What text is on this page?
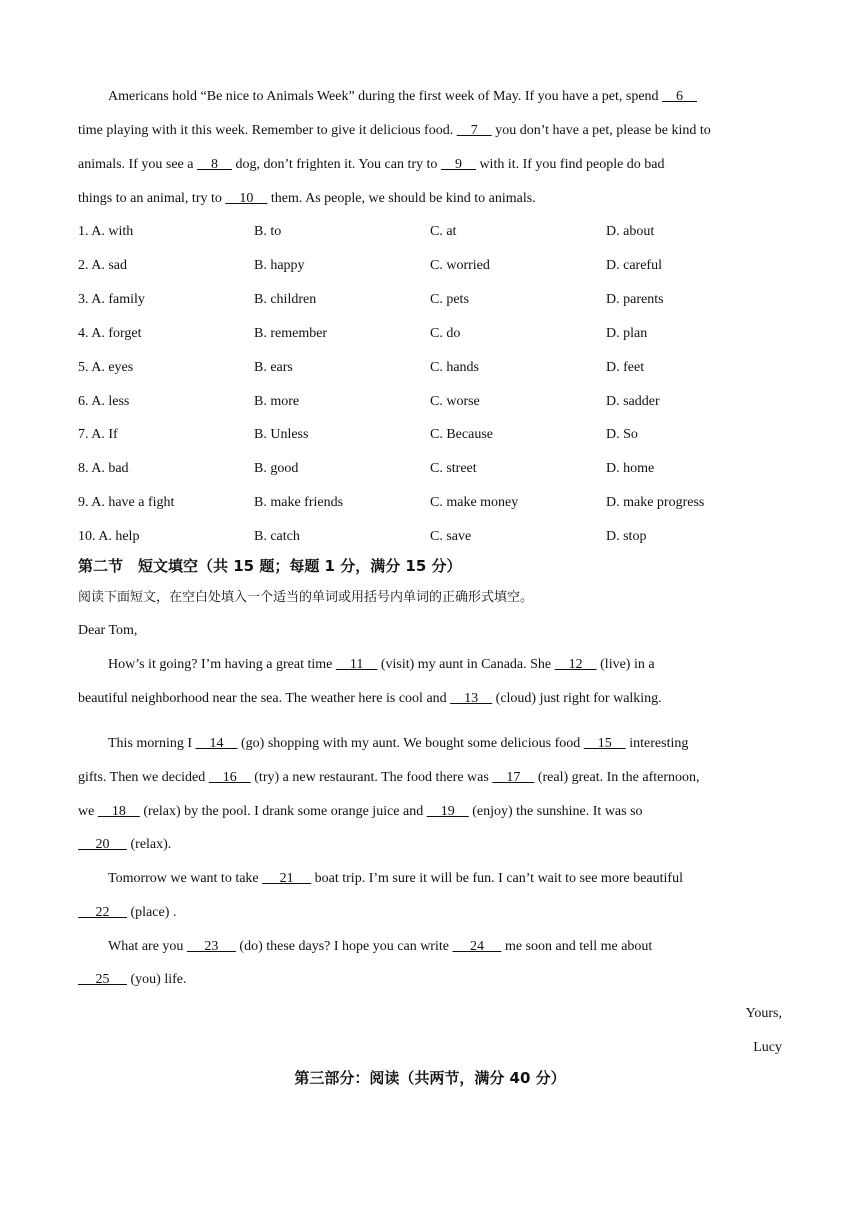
Americans hold “Be nice to Animals Week” during the first week of May. If you have a pet, spend     6
time playing with it this week. Remember to give it delicious food.     7     you don’t have a pet, please be kind to
animals. If you see a     8     dog, don’t frighten it. You can try to     9     with it. If you find people do bad
things to an animal, try to     10     them. As people, we should be kind to animals.
1. A. with	B. to	C. at	D. about
2. A. sad	B. happy	C. worried	D. careful
3. A. family	B. children	C. pets	D. parents
4. A. forget	B. remember	C. do	D. plan
5. A. eyes	B. ears	C. hands	D. feet
6. A. less	B. more	C. worse	D. sadder
7. A. If	B. Unless	C. Because	D. So
8. A. bad	B. good	C. street	D. home
9. A. have a fight	B. make friends	C. make money	D. make progress
10. A. help	B. catch	C. save	D. stop
第二节　短文填空（共 15 题；每题 1 分，满分 15 分）
阅读下面短文，在空白处填入一个适当的单词或用括号内单词的正确形式填空。
Dear Tom,
How’s it going? I’m having a great time     11     (visit) my aunt in Canada. She     12     (live) in a
beautiful neighborhood near the sea. The weather here is cool and     13     (cloud) just right for walking.
This morning I     14     (go) shopping with my aunt. We bought some delicious food     15     interesting
gifts. Then we decided     16     (try) a new restaurant. The food there was     17     (real) great. In the afternoon,
we     18     (relax) by the pool. I drank some orange juice and     19     (enjoy) the sunshine. It was so
20      (relax).
Tomorrow we want to take      21      boat trip. I’m sure it will be fun. I can’t wait to see more beautiful
22      (place) .
What are you      23      (do) these days? I hope you can write      24      me soon and tell me about
25      (you) life.
Yours,
Lucy
第三部分：阅读（共两节，满分 40 分）
